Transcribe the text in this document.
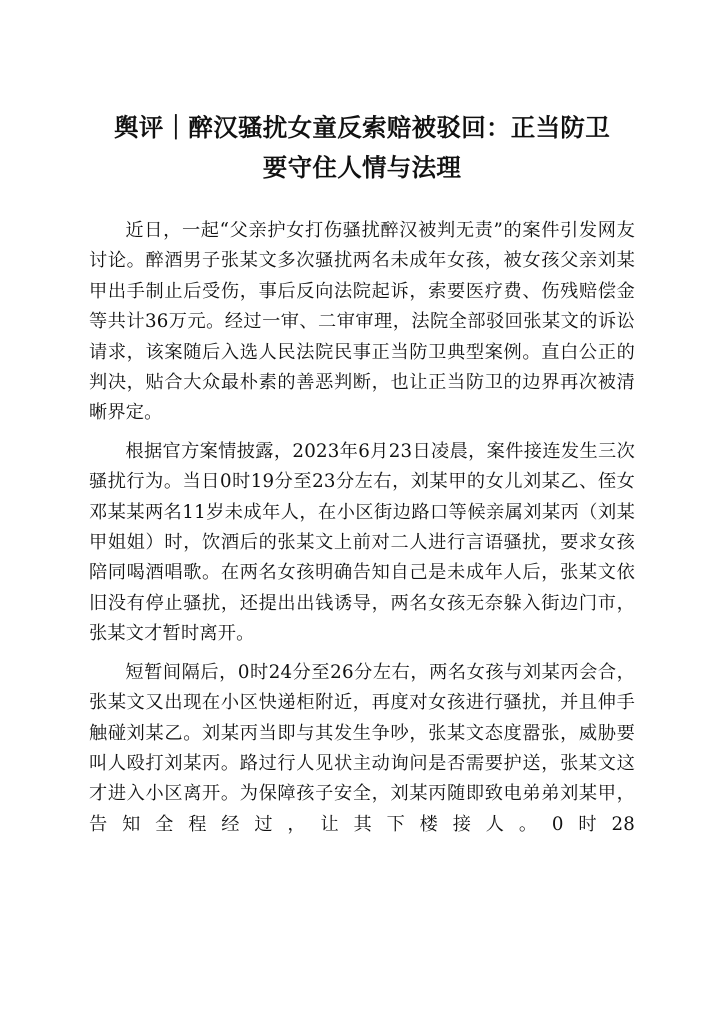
舆评｜醉汉骚扰女童反索赔被驳回：正当防卫
要守住人情与法理

近日，一起“父亲护女打伤骚扰醉汉被判无责”的案件引发网友讨论。醉酒男子张某文多次骚扰两名未成年女孩，被女孩父亲刘某甲出手制止后受伤，事后反向法院起诉，索要医疗费、伤残赔偿金等共计36万元。经过一审、二审审理，法院全部驳回张某文的诉讼请求，该案随后入选人民法院民事正当防卫典型案例。直白公正的判决，贴合大众最朴素的善恶判断，也让正当防卫的边界再次被清晰界定。

根据官方案情披露，2023年6月23日凌晨，案件接连发生三次骚扰行为。当日0时19分至23分左右，刘某甲的女儿刘某乙、侄女邓某某两名11岁未成年人，在小区街边路口等候亲属刘某丙（刘某甲姐姐）时，饮酒后的张某文上前对二人进行言语骚扰，要求女孩陪同喝酒唱歌。在两名女孩明确告知自己是未成年人后，张某文依旧没有停止骚扰，还提出出钱诱导，两名女孩无奈躲入街边门市，张某文才暂时离开。

短暂间隔后，0时24分至26分左右，两名女孩与刘某丙会合，张某文又出现在小区快递柜附近，再度对女孩进行骚扰，并且伸手触碰刘某乙。刘某丙当即与其发生争吵，张某文态度嚣张，威胁要叫人殴打刘某丙。路过行人见状主动询问是否需要护送，张某文这才进入小区离开。为保障孩子安全，刘某丙随即致电弟弟刘某甲，告知全程经过，让其下楼接人。0时28
